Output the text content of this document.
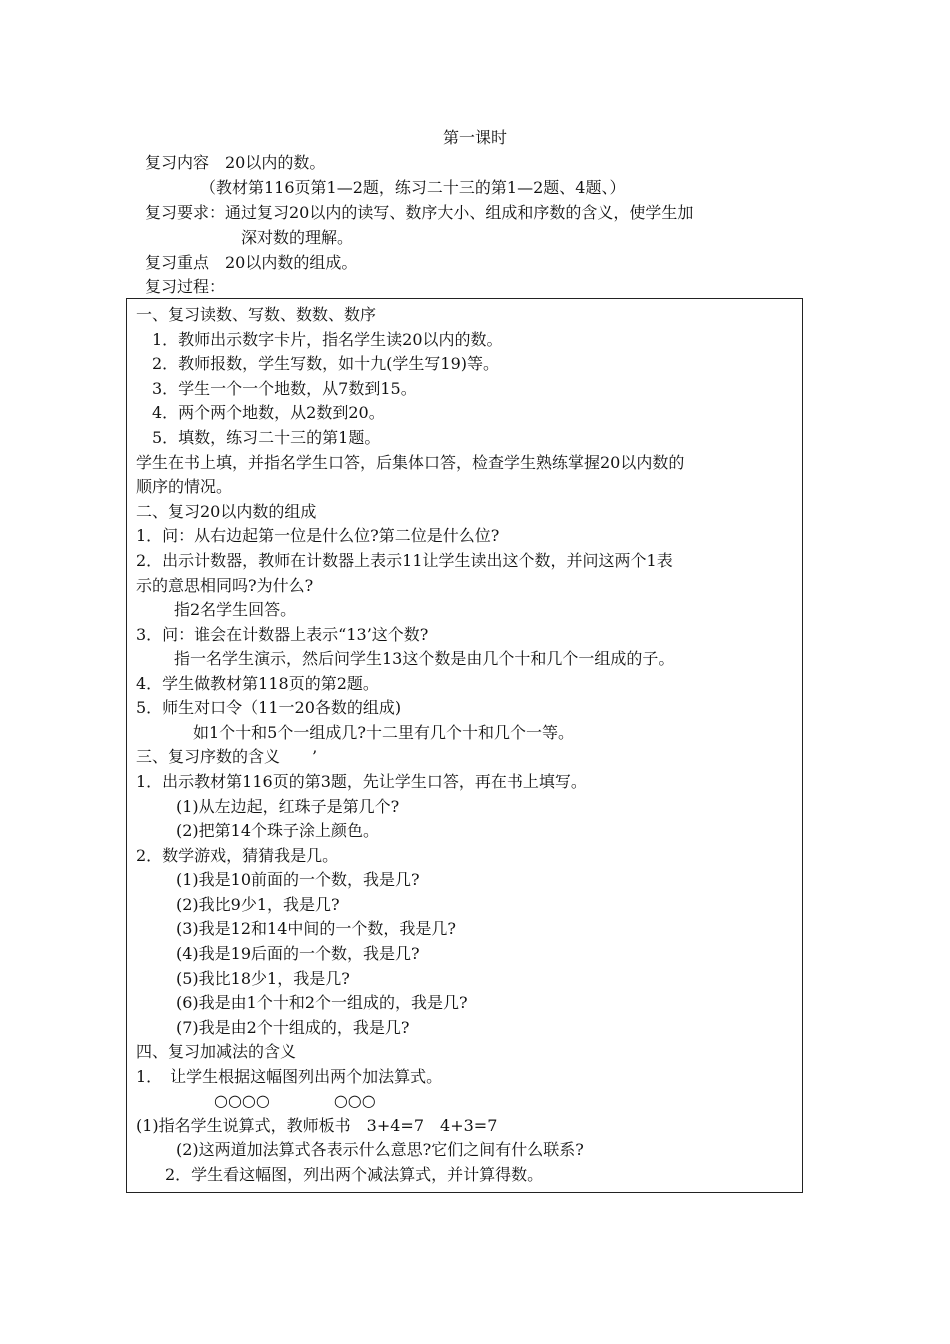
第一课时
复习内容　20以内的数。
（教材第116页第1—2题，练习二十三的第1—2题、4题、）
复习要求：通过复习20以内的读写、数序大小、组成和序数的含义，使学生加
深对数的理解。
复习重点　20以内数的组成。
复习过程：
一、复习读数、写数、数数、数序
1．教师出示数字卡片，指名学生读20以内的数。
2．教师报数，学生写数，如十九(学生写19)等。
3．学生一个一个地数，从7数到15。
4．两个两个地数，从2数到20。
5．填数，练习二十三的第1题。
学生在书上填，并指名学生口答，后集体口答，检查学生熟练掌握20以内数的
顺序的情况。
二、复习20以内数的组成
1．问：从右边起第一位是什么位?第二位是什么位?
2．出示计数器，教师在计数器上表示11让学生读出这个数，并问这两个1表
示的意思相同吗?为什么?
指2名学生回答。
3．问：谁会在计数器上表示“13’这个数?
指一名学生演示，然后问学生13这个数是由几个十和几个一组成的子。
4．学生做教材第118页的第2题。
5．师生对口令（11一20各数的组成)
如1个十和5个一组成几?十二里有几个十和几个一等。
三、复习序数的含义　　’
1．出示教材第116页的第3题，先让学生口答，再在书上填写。
(1)从左边起，红珠子是第几个?
(2)把第14个珠子涂上颜色。
2．数学游戏，猜猜我是几。
(1)我是10前面的一个数，我是几?
(2)我比9少1，我是几?
(3)我是12和14中间的一个数，我是几?
(4)我是19后面的一个数，我是几?
(5)我比18少1，我是几?
(6)我是由1个十和2个一组成的，我是几?
(7)我是由2个十组成的，我是几?
四、复习加减法的含义
1．　让学生根据这幅图列出两个加法算式。
○○○○　　　　○○○
(1)指名学生说算式，教师板书　3+4=7　4+3=7
(2)这两道加法算式各表示什么意思?它们之间有什么联系?
2．学生看这幅图，列出两个减法算式，并计算得数。
